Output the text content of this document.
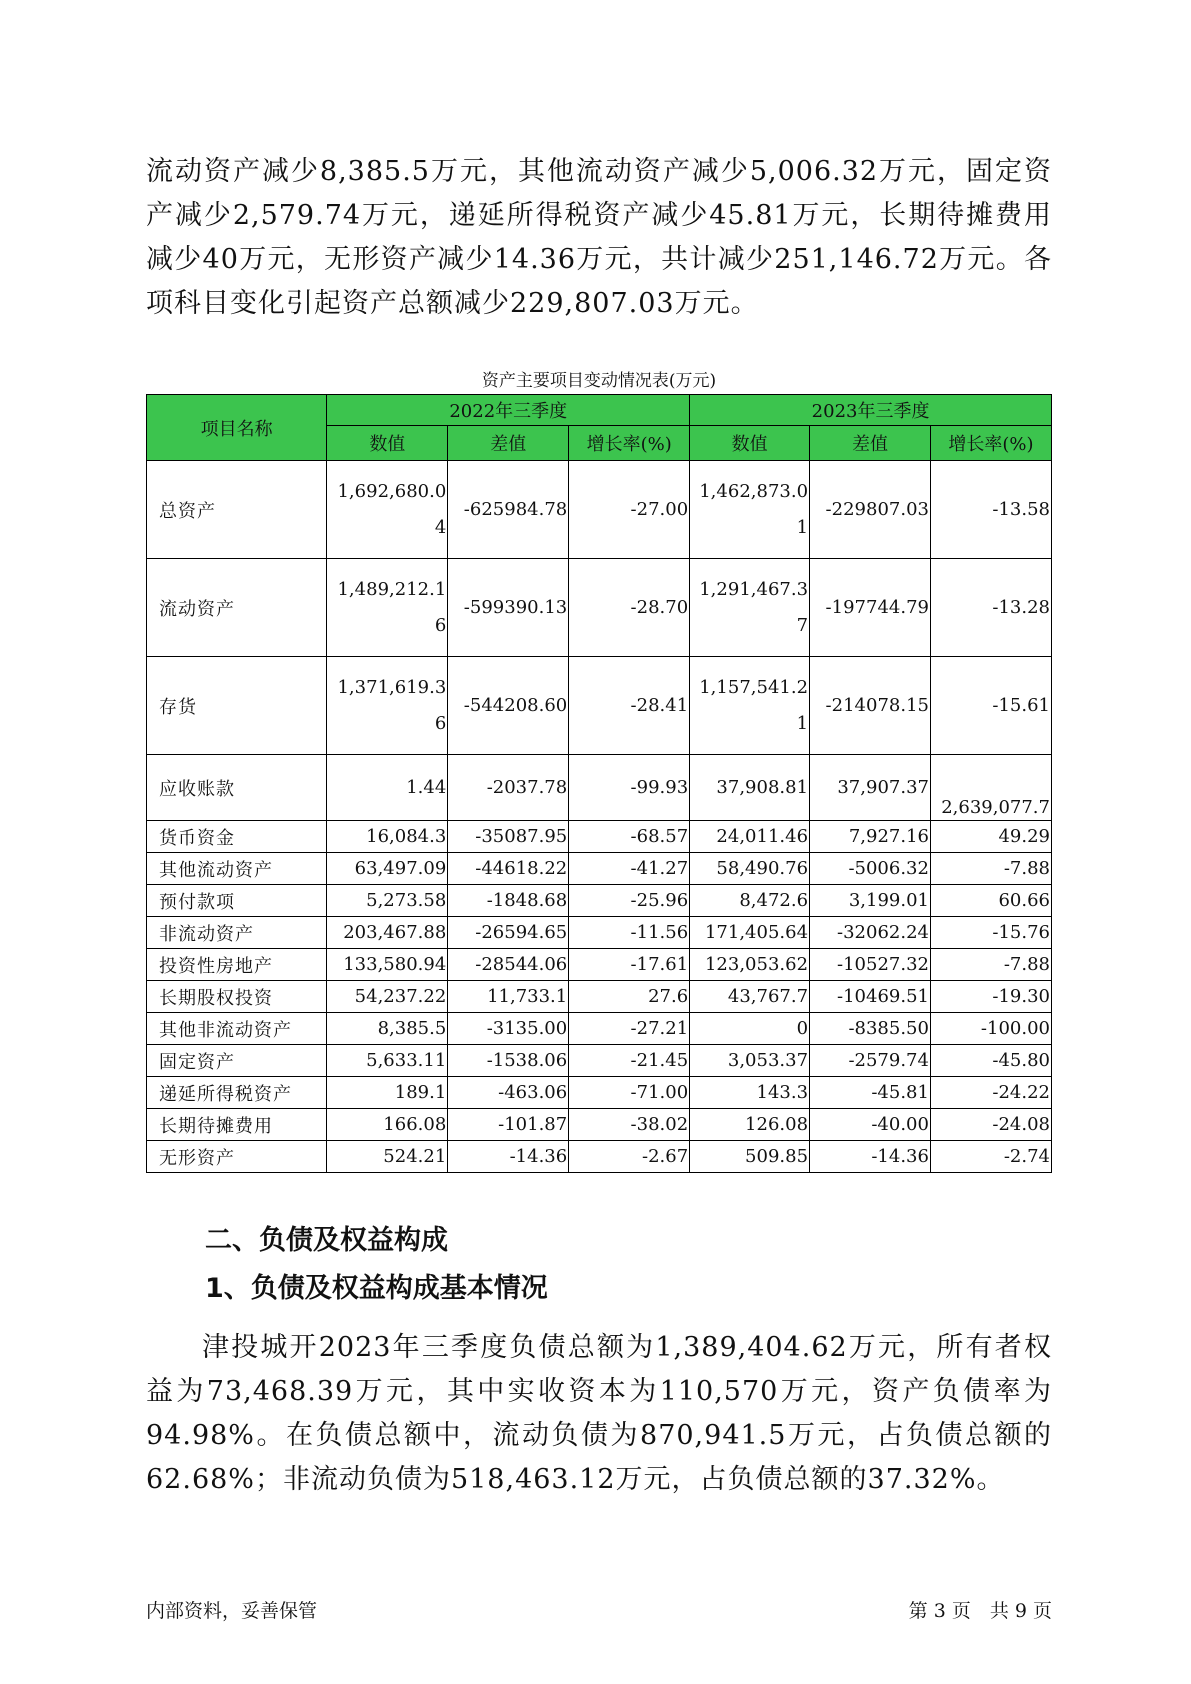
流动资产减少8,385.5万元，其他流动资产减少5,006.32万元，固定资产减少2,579.74万元，递延所得税资产减少45.81万元，长期待摊费用减少40万元，无形资产减少14.36万元，共计减少251,146.72万元。各项科目变化引起资产总额减少229,807.03万元。

资产主要项目变动情况表(万元)
项目名称	2022年三季度			2023年三季度		
	数值	差值	增长率(%)	数值	差值	增长率(%)
总资产	1,692,680.04	-625984.78	-27.00	1,462,873.01	-229807.03	-13.58
流动资产	1,489,212.16	-599390.13	-28.70	1,291,467.37	-197744.79	-13.28
存货	1,371,619.36	-544208.60	-28.41	1,157,541.21	-214078.15	-15.61
应收账款	1.44	-2037.78	-99.93	37,908.81	37,907.37	2,639,077.7
货币资金	16,084.3	-35087.95	-68.57	24,011.46	7,927.16	49.29
其他流动资产	63,497.09	-44618.22	-41.27	58,490.76	-5006.32	-7.88
预付款项	5,273.58	-1848.68	-25.96	8,472.6	3,199.01	60.66
非流动资产	203,467.88	-26594.65	-11.56	171,405.64	-32062.24	-15.76
投资性房地产	133,580.94	-28544.06	-17.61	123,053.62	-10527.32	-7.88
长期股权投资	54,237.22	11,733.1	27.6	43,767.7	-10469.51	-19.30
其他非流动资产	8,385.5	-3135.00	-27.21	0	-8385.50	-100.00
固定资产	5,633.11	-1538.06	-21.45	3,053.37	-2579.74	-45.80
递延所得税资产	189.1	-463.06	-71.00	143.3	-45.81	-24.22
长期待摊费用	166.08	-101.87	-38.02	126.08	-40.00	-24.08
无形资产	524.21	-14.36	-2.67	509.85	-14.36	-2.74
二、负债及权益构成
1、负债及权益构成基本情况

津投城开2023年三季度负债总额为1,389,404.62万元，所有者权益为73,468.39万元，其中实收资本为110,570万元，资产负债率为94.98%。在负债总额中，流动负债为870,941.5万元，占负债总额的62.68%；非流动负债为518,463.12万元，占负债总额的37.32%。

内部资料，妥善保管	第 3 页　共 9 页
